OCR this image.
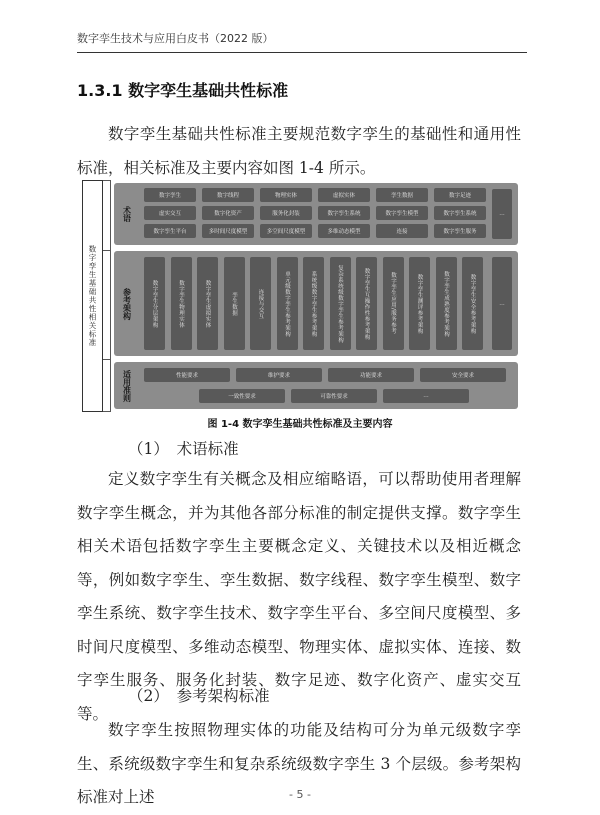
数字孪生技术与应用白皮书（2022 版）
1.3.1 数字孪生基础共性标准
数字孪生基础共性标准主要规范数字孪生的基础性和通用性标准，相关标准及主要内容如图 1-4 所示。
数字孪生基础共性相关标准
术语
数字孪生	数字线程	物理实体	虚拟实体	孪生数据	数字足迹
虚实交互	数字化资产	服务化封装	数字孪生系统	数字孪生模型	数字孪生系统
数字孪生平台	多时间尺度模型	多空间尺度模型	多维动态模型	连接	数字孪生服务
…
参考架构	数字孪生分层架构	数字孪生物理实体	数字孪生虚拟实体	孪生数据	连接与交互	单元级数字孪生参考架构	系统级数字孪生参考架构	复杂系统级数字孪生参考架构	数字孪生互操作性参考架构	数字孪生应用/服务参考	数字孪生测评参考架构	数字孪生成熟度参考架构	数字孪生安全参考架构	…
适用准则	性能要求	维护要求	功能要求	安全要求
一致性要求	可靠性要求	…
图 1-4 数字孪生基础共性标准及主要内容
（1）　术语标准
定义数字孪生有关概念及相应缩略语，可以帮助使用者理解数字孪生概念，并为其他各部分标准的制定提供支撑。数字孪生相关术语包括数字孪生主要概念定义、关键技术以及相近概念等，例如数字孪生、孪生数据、数字线程、数字孪生模型、数字孪生系统、数字孪生技术、数字孪生平台、多空间尺度模型、多时间尺度模型、多维动态模型、物理实体、虚拟实体、连接、数字孪生服务、服务化封装、数字足迹、数字化资产、虚实交互等。
（2）　参考架构标准
数字孪生按照物理实体的功能及结构可分为单元级数字孪生、系统级数字孪生和复杂系统级数字孪生 3 个层级。参考架构标准对上述	- 5 -
